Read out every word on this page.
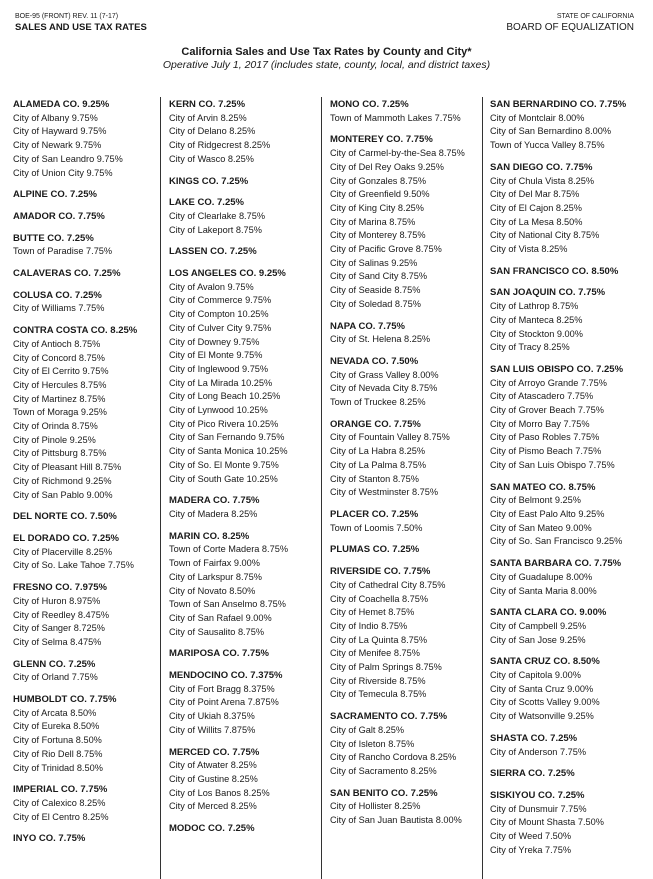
BOE-95 (FRONT) REV. 11 (7-17)
SALES AND USE TAX RATES
STATE OF CALIFORNIA
BOARD OF EQUALIZATION
California Sales and Use Tax Rates by County and City*
Operative July 1, 2017 (includes state, county, local, and district taxes)
ALAMEDA CO. 9.25%
City of Albany 9.75%
City of Hayward 9.75%
City of Newark 9.75%
City of San Leandro 9.75%
City of Union City 9.75%
ALPINE CO. 7.25%
AMADOR CO. 7.75%
BUTTE CO. 7.25%
Town of Paradise 7.75%
CALAVERAS CO. 7.25%
COLUSA CO. 7.25%
City of Williams 7.75%
CONTRA COSTA CO. 8.25%
City of Antioch 8.75%
City of Concord 8.75%
City of El Cerrito 9.75%
City of Hercules 8.75%
City of Martinez 8.75%
Town of Moraga 9.25%
City of Orinda 8.75%
City of Pinole 9.25%
City of Pittsburg 8.75%
City of Pleasant Hill 8.75%
City of Richmond 9.25%
City of San Pablo 9.00%
DEL NORTE CO. 7.50%
EL DORADO CO. 7.25%
City of Placerville 8.25%
City of So. Lake Tahoe 7.75%
FRESNO CO. 7.975%
City of Huron 8.975%
City of Reedley 8.475%
City of Sanger 8.725%
City of Selma 8.475%
GLENN CO. 7.25%
City of Orland 7.75%
HUMBOLDT CO. 7.75%
City of Arcata 8.50%
City of Eureka 8.50%
City of Fortuna 8.50%
City of Rio Dell 8.75%
City of Trinidad 8.50%
IMPERIAL CO. 7.75%
City of Calexico 8.25%
City of El Centro 8.25%
INYO CO. 7.75%
KERN CO. 7.25%
City of Arvin 8.25%
City of Delano 8.25%
City of Ridgecrest 8.25%
City of Wasco 8.25%
KINGS CO. 7.25%
LAKE CO. 7.25%
City of Clearlake 8.75%
City of Lakeport 8.75%
LASSEN CO. 7.25%
LOS ANGELES CO. 9.25%
City of Avalon 9.75%
City of Commerce 9.75%
City of Compton 10.25%
City of Culver City 9.75%
City of Downey 9.75%
City of El Monte 9.75%
City of Inglewood 9.75%
City of La Mirada 10.25%
City of Long Beach 10.25%
City of Lynwood 10.25%
City of Pico Rivera 10.25%
City of San Fernando 9.75%
City of Santa Monica 10.25%
City of So. El Monte 9.75%
City of South Gate 10.25%
MADERA CO. 7.75%
City of Madera 8.25%
MARIN CO. 8.25%
Town of Corte Madera 8.75%
Town of Fairfax 9.00%
City of Larkspur 8.75%
City of Novato 8.50%
Town of San Anselmo 8.75%
City of San Rafael 9.00%
City of Sausalito 8.75%
MARIPOSA CO. 7.75%
MENDOCINO CO. 7.375%
City of Fort Bragg 8.375%
City of Point Arena 7.875%
City of Ukiah 8.375%
City of Willits 7.875%
MERCED CO. 7.75%
City of Atwater 8.25%
City of Gustine 8.25%
City of Los Banos 8.25%
City of Merced 8.25%
MODOC CO. 7.25%
MONO CO. 7.25%
Town of Mammoth Lakes 7.75%
MONTEREY CO. 7.75%
City of Carmel-by-the-Sea 8.75%
City of Del Rey Oaks 9.25%
City of Gonzales 8.75%
City of Greenfield 9.50%
City of King City 8.25%
City of Marina 8.75%
City of Monterey 8.75%
City of Pacific Grove 8.75%
City of Salinas 9.25%
City of Sand City 8.75%
City of Seaside 8.75%
City of Soledad 8.75%
NAPA CO. 7.75%
City of St. Helena 8.25%
NEVADA CO. 7.50%
City of Grass Valley 8.00%
City of Nevada City 8.75%
Town of Truckee 8.25%
ORANGE CO. 7.75%
City of Fountain Valley 8.75%
City of La Habra 8.25%
City of La Palma 8.75%
City of Stanton 8.75%
City of Westminster 8.75%
PLACER CO. 7.25%
Town of Loomis 7.50%
PLUMAS CO. 7.25%
RIVERSIDE CO. 7.75%
City of Cathedral City 8.75%
City of Coachella 8.75%
City of Hemet 8.75%
City of Indio 8.75%
City of La Quinta 8.75%
City of Menifee 8.75%
City of Palm Springs 8.75%
City of Riverside 8.75%
City of Temecula 8.75%
SACRAMENTO CO. 7.75%
City of Galt 8.25%
City of Isleton 8.75%
City of Rancho Cordova 8.25%
City of Sacramento 8.25%
SAN BENITO CO. 7.25%
City of Hollister 8.25%
City of San Juan Bautista 8.00%
SAN BERNARDINO CO. 7.75%
City of Montclair 8.00%
City of San Bernardino 8.00%
Town of Yucca Valley 8.75%
SAN DIEGO CO. 7.75%
City of Chula Vista 8.25%
City of Del Mar 8.75%
City of El Cajon 8.25%
City of La Mesa 8.50%
City of National City 8.75%
City of Vista 8.25%
SAN FRANCISCO CO. 8.50%
SAN JOAQUIN CO. 7.75%
City of Lathrop 8.75%
City of Manteca 8.25%
City of Stockton 9.00%
City of Tracy 8.25%
SAN LUIS OBISPO CO. 7.25%
City of Arroyo Grande 7.75%
City of Atascadero 7.75%
City of Grover Beach 7.75%
City of Morro Bay 7.75%
City of Paso Robles 7.75%
City of Pismo Beach 7.75%
City of San Luis Obispo 7.75%
SAN MATEO CO. 8.75%
City of Belmont 9.25%
City of East Palo Alto 9.25%
City of San Mateo 9.00%
City of So. San Francisco 9.25%
SANTA BARBARA CO. 7.75%
City of Guadalupe 8.00%
City of Santa Maria 8.00%
SANTA CLARA CO. 9.00%
City of Campbell 9.25%
City of San Jose 9.25%
SANTA CRUZ CO. 8.50%
City of Capitola 9.00%
City of Santa Cruz 9.00%
City of Scotts Valley 9.00%
City of Watsonville 9.25%
SHASTA CO. 7.25%
City of Anderson 7.75%
SIERRA CO. 7.25%
SISKIYOU CO. 7.25%
City of Dunsmuir 7.75%
City of Mount Shasta 7.50%
City of Weed 7.50%
City of Yreka 7.75%
